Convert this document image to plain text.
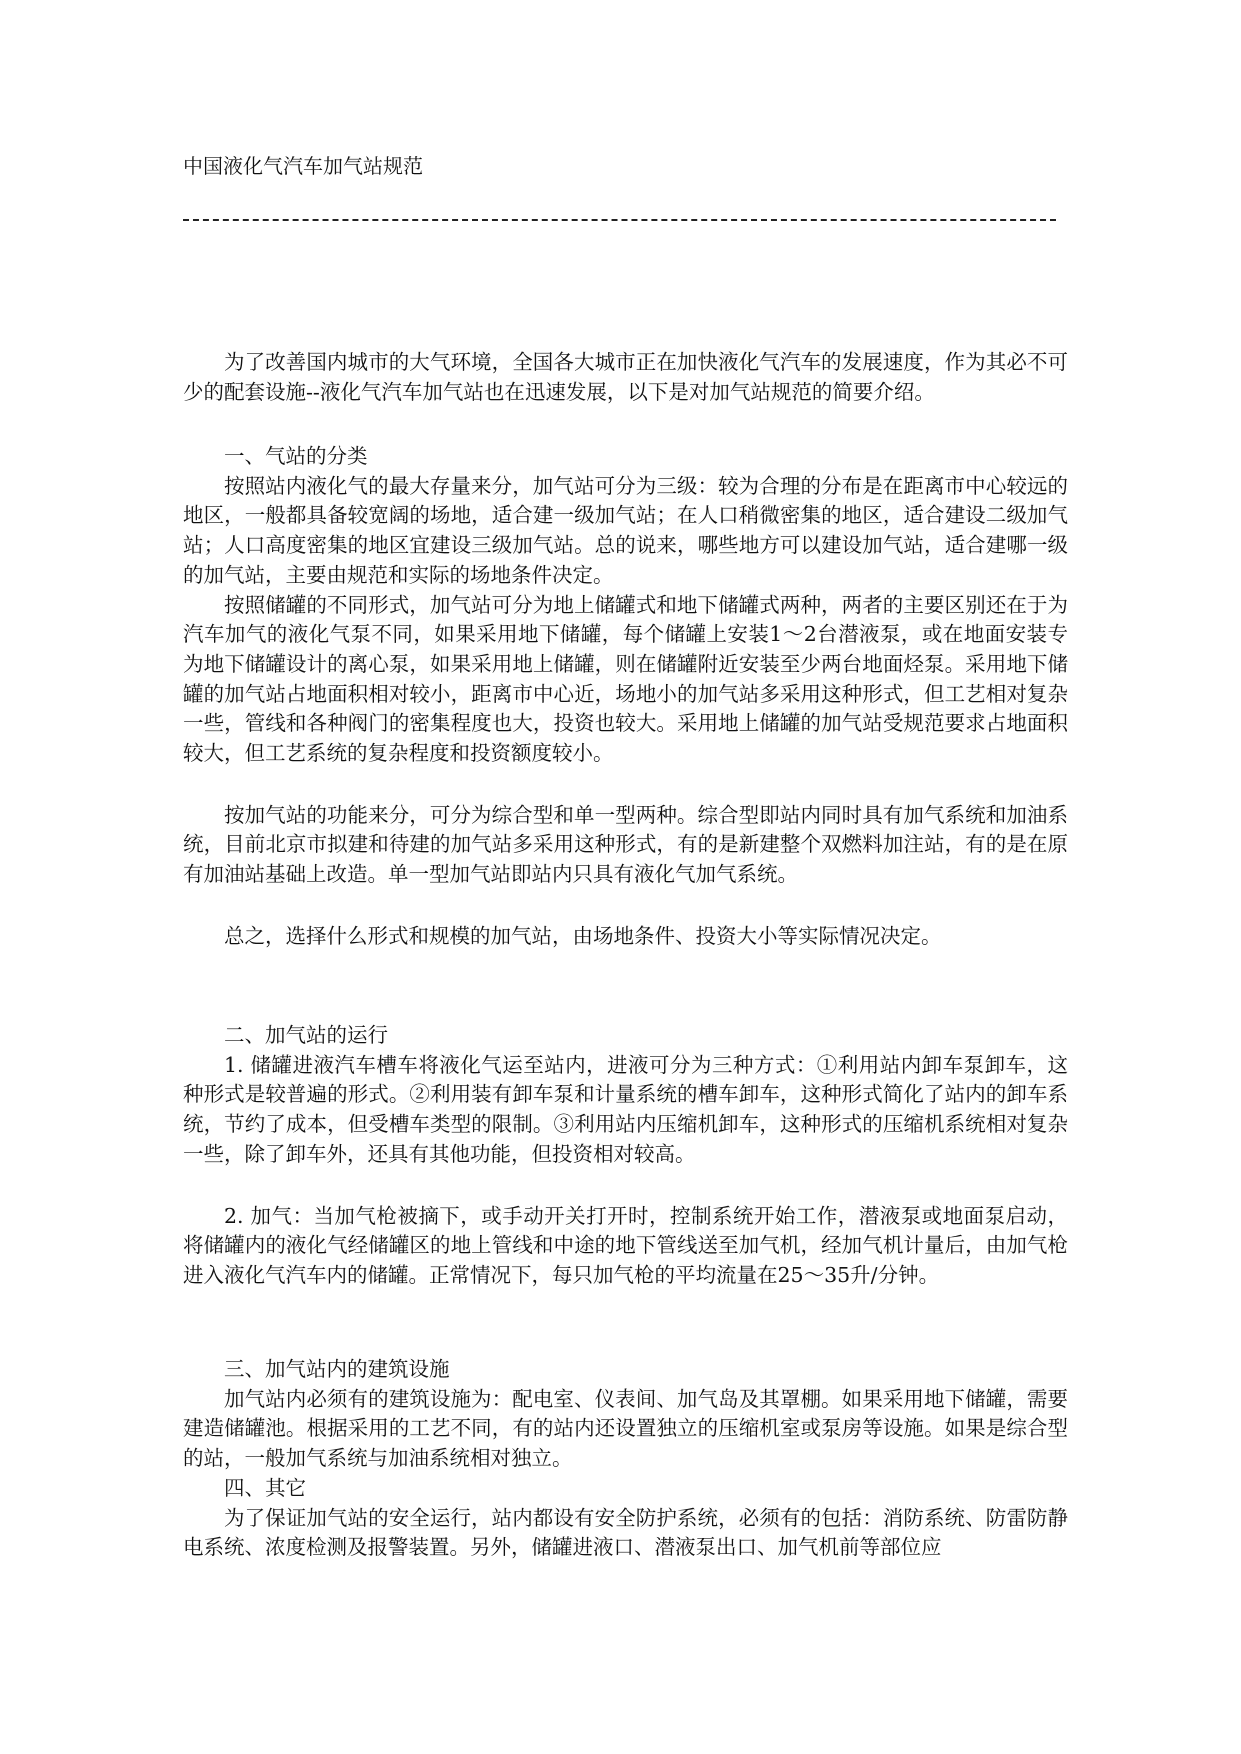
中国液化气汽车加气站规范

为了改善国内城市的大气环境，全国各大城市正在加快液化气汽车的发展速度，作为其必不可少的配套设施--液化气汽车加气站也在迅速发展，以下是对加气站规范的简要介绍。

一、气站的分类

按照站内液化气的最大存量来分，加气站可分为三级：较为合理的分布是在距离市中心较远的地区，一般都具备较宽阔的场地，适合建一级加气站；在人口稍微密集的地区，适合建设二级加气站；人口高度密集的地区宜建设三级加气站。总的说来，哪些地方可以建设加气站，适合建哪一级的加气站，主要由规范和实际的场地条件决定。

按照储罐的不同形式，加气站可分为地上储罐式和地下储罐式两种，两者的主要区别还在于为汽车加气的液化气泵不同，如果采用地下储罐，每个储罐上安装1～2台潜液泵，或在地面安装专为地下储罐设计的离心泵，如果采用地上储罐，则在储罐附近安装至少两台地面烃泵。采用地下储罐的加气站占地面积相对较小，距离市中心近，场地小的加气站多采用这种形式，但工艺相对复杂一些，管线和各种阀门的密集程度也大，投资也较大。采用地上储罐的加气站受规范要求占地面积较大，但工艺系统的复杂程度和投资额度较小。

按加气站的功能来分，可分为综合型和单一型两种。综合型即站内同时具有加气系统和加油系统，目前北京市拟建和待建的加气站多采用这种形式，有的是新建整个双燃料加注站，有的是在原有加油站基础上改造。单一型加气站即站内只具有液化气加气系统。

总之，选择什么形式和规模的加气站，由场地条件、投资大小等实际情况决定。

二、加气站的运行

1. 储罐进液汽车槽车将液化气运至站内，进液可分为三种方式：①利用站内卸车泵卸车，这种形式是较普遍的形式。②利用装有卸车泵和计量系统的槽车卸车，这种形式简化了站内的卸车系统，节约了成本，但受槽车类型的限制。③利用站内压缩机卸车，这种形式的压缩机系统相对复杂一些，除了卸车外，还具有其他功能，但投资相对较高。

2. 加气：当加气枪被摘下，或手动开关打开时，控制系统开始工作，潜液泵或地面泵启动，将储罐内的液化气经储罐区的地上管线和中途的地下管线送至加气机，经加气机计量后，由加气枪进入液化气汽车内的储罐。正常情况下，每只加气枪的平均流量在25～35升/分钟。

三、加气站内的建筑设施

加气站内必须有的建筑设施为：配电室、仪表间、加气岛及其罩棚。如果采用地下储罐，需要建造储罐池。根据采用的工艺不同，有的站内还设置独立的压缩机室或泵房等设施。如果是综合型的站，一般加气系统与加油系统相对独立。

四、其它

为了保证加气站的安全运行，站内都设有安全防护系统，必须有的包括：消防系统、防雷防静电系统、浓度检测及报警装置。另外，储罐进液口、潜液泵出口、加气机前等部位应
